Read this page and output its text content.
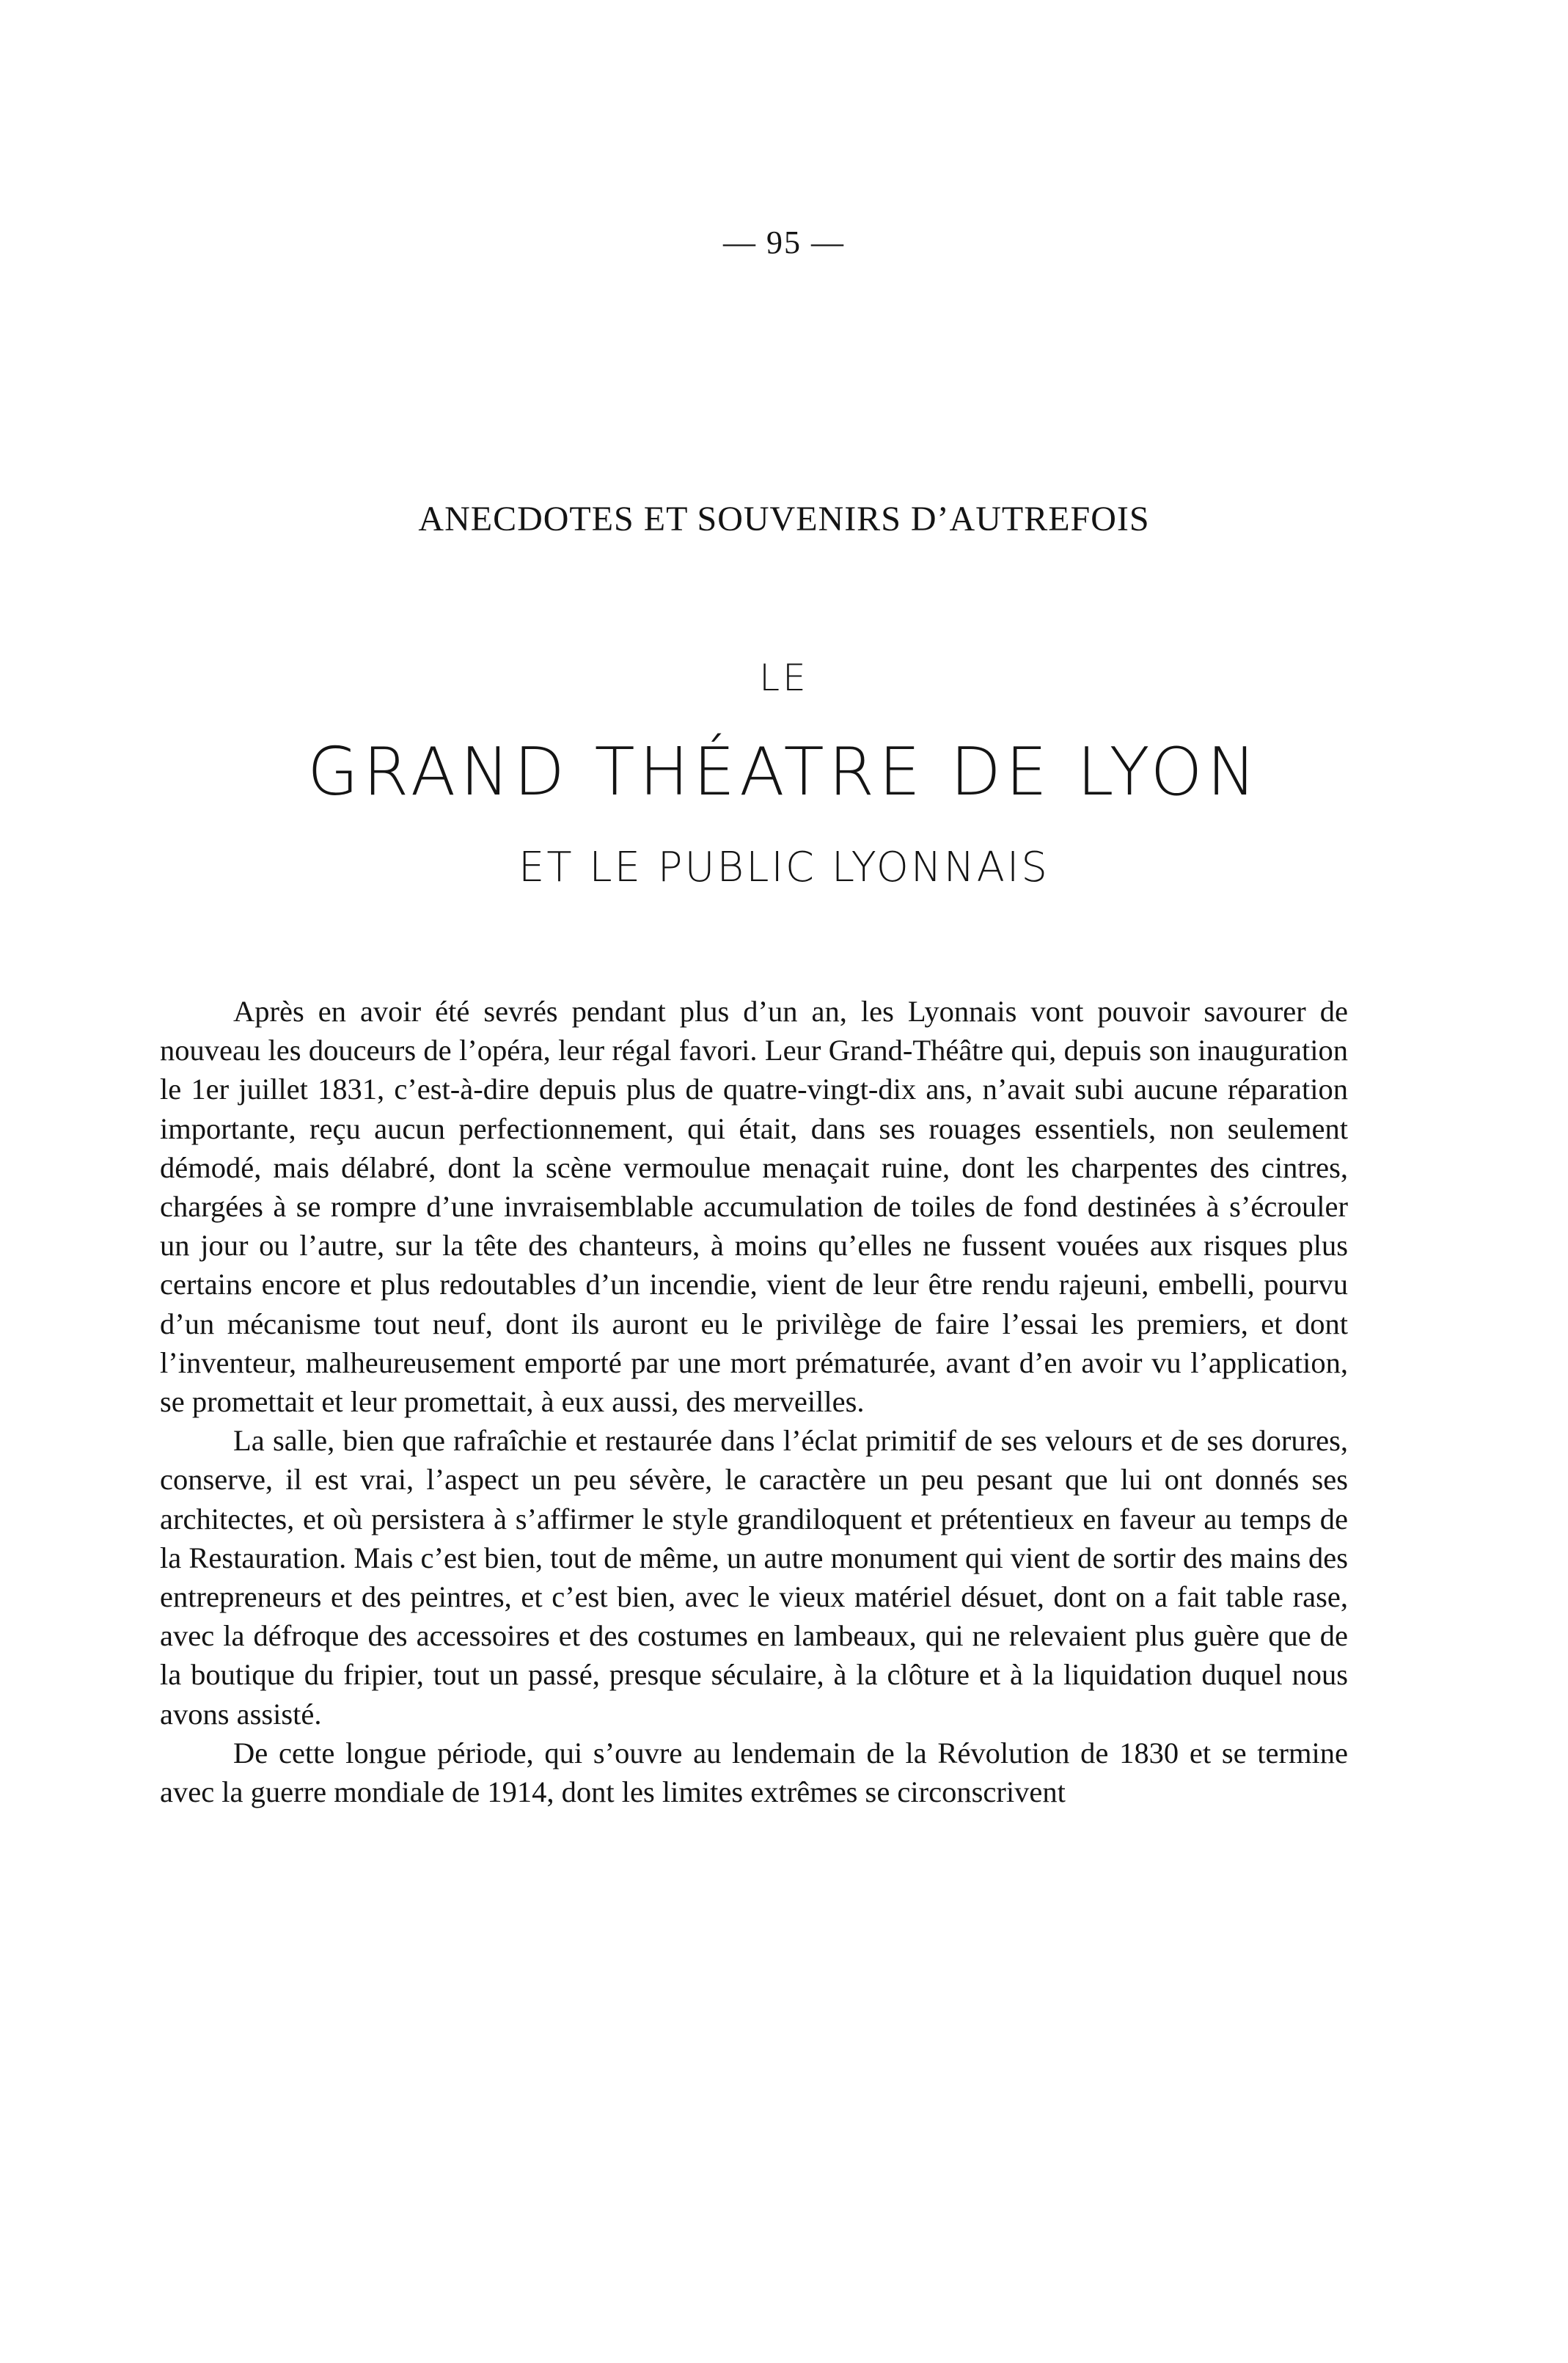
— 95 —
ANECDOTES ET SOUVENIRS D’AUTREFOIS
LE
GRAND THÉATRE DE LYON
ET LE PUBLIC LYONNAIS

Après en avoir été sevrés pendant plus d’un an, les Lyonnais vont pouvoir savourer de nouveau les douceurs de l’opéra, leur régal favori. Leur Grand-Théâtre qui, depuis son inauguration le 1er juillet 1831, c’est-à-dire depuis plus de quatre-vingt-dix ans, n’avait subi aucune réparation importante, reçu aucun perfectionnement, qui était, dans ses rouages essentiels, non seulement démodé, mais délabré, dont la scène vermoulue menaçait ruine, dont les charpentes des cintres, chargées à se rompre d’une invraisemblable accumulation de toiles de fond destinées à s’écrouler un jour ou l’autre, sur la tête des chanteurs, à moins qu’elles ne fussent vouées aux risques plus certains encore et plus redoutables d’un incendie, vient de leur être rendu rajeuni, embelli, pourvu d’un mécanisme tout neuf, dont ils auront eu le privilège de faire l’essai les premiers, et dont l’inventeur, malheureusement emporté par une mort prématurée, avant d’en avoir vu l’application, se promettait et leur promettait, à eux aussi, des merveilles.

La salle, bien que rafraîchie et restaurée dans l’éclat primitif de ses velours et de ses dorures, conserve, il est vrai, l’aspect un peu sévère, le caractère un peu pesant que lui ont donnés ses architectes, et où persistera à s’affirmer le style grandiloquent et prétentieux en faveur au temps de la Restauration. Mais c’est bien, tout de même, un autre monument qui vient de sortir des mains des entrepreneurs et des peintres, et c’est bien, avec le vieux matériel désuet, dont on a fait table rase, avec la défroque des accessoires et des costumes en lambeaux, qui ne relevaient plus guère que de la boutique du fripier, tout un passé, presque séculaire, à la clôture et à la liquidation duquel nous avons assisté.

De cette longue période, qui s’ouvre au lendemain de la Révolution de 1830 et se termine avec la guerre mondiale de 1914, dont les limites extrêmes se circonscrivent
